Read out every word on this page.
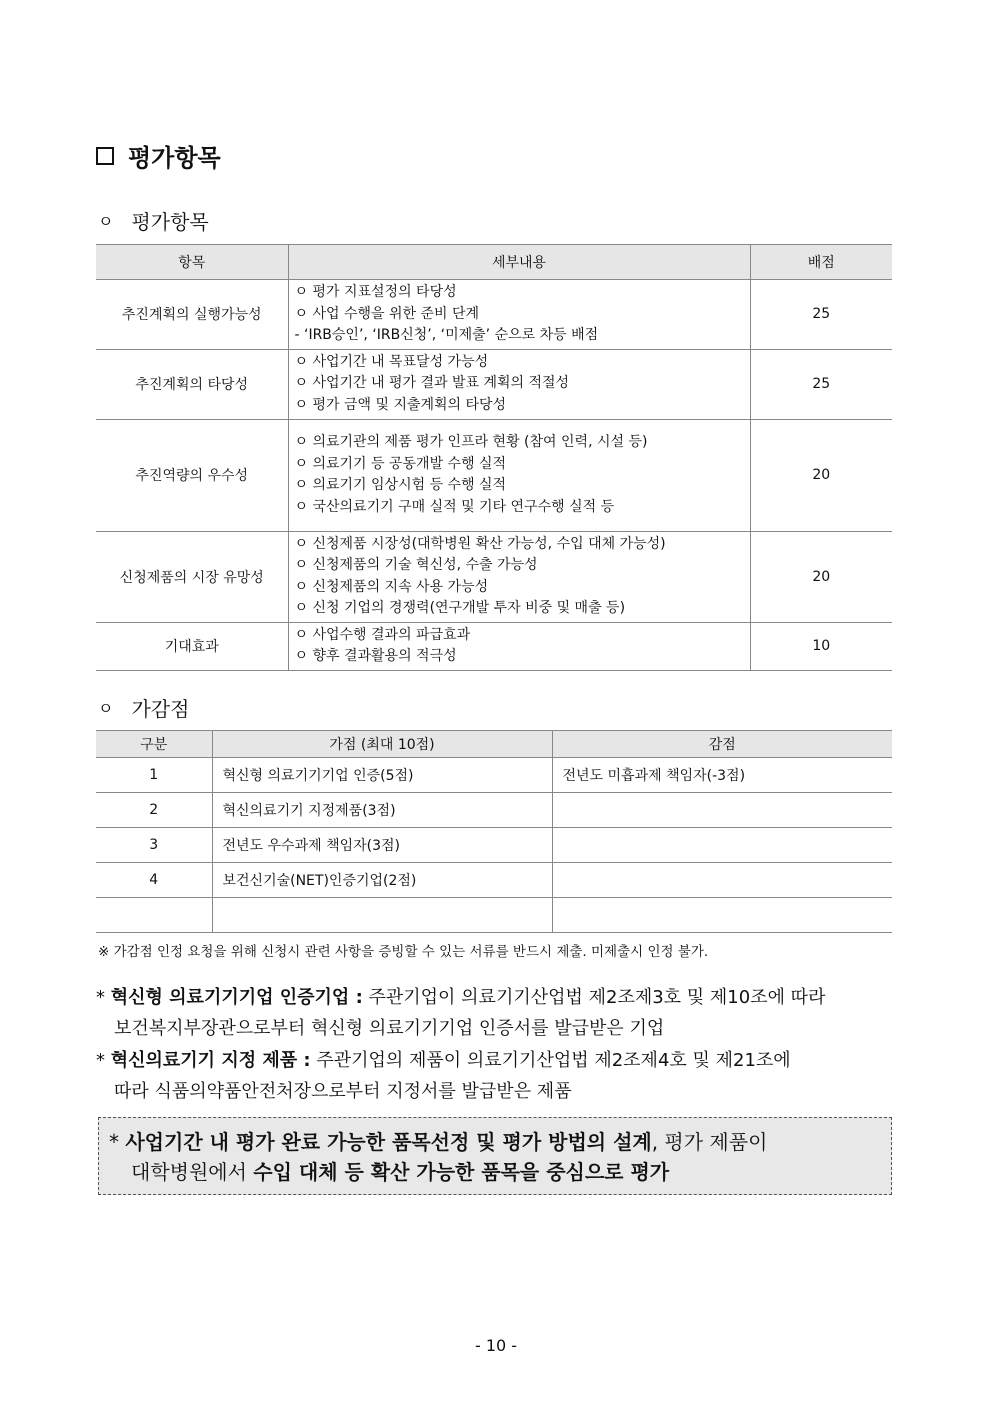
평가항목
ㅇ 평가항목
항목	세부내용	배점
추진계획의 실행가능성	ㅇ 평가 지표설정의 타당성
ㅇ 사업 수행을 위한 준비 단계
- ‘IRB승인’, ‘IRB신청’, ‘미제출’ 순으로 차등 배점	25
추진계획의 타당성	ㅇ 사업기간 내 목표달성 가능성
ㅇ 사업기간 내 평가 결과 발표 계획의 적절성
ㅇ 평가 금액 및 지출계획의 타당성	25
추진역량의 우수성	ㅇ 의료기관의 제품 평가 인프라 현황 (참여 인력, 시설 등)
ㅇ 의료기기 등 공동개발 수행 실적
ㅇ 의료기기 임상시험 등 수행 실적
ㅇ 국산의료기기 구매 실적 및 기타 연구수행 실적 등	20
신청제품의 시장 유망성	ㅇ 신청제품 시장성(대학병원 확산 가능성, 수입 대체 가능성)
ㅇ 신청제품의 기술 혁신성, 수출 가능성
ㅇ 신청제품의 지속 사용 가능성
ㅇ 신청 기업의 경쟁력(연구개발 투자 비중 및 매출 등)	20
기대효과	ㅇ 사업수행 결과의 파급효과
ㅇ 향후 결과활용의 적극성	10
ㅇ 가감점
구분	가점 (최대 10점)	감점
1	혁신형 의료기기기업 인증(5점)	전년도 미흡과제 책임자(-3점)
2	혁신의료기기 지정제품(3점)	
3	전년도 우수과제 책임자(3점)	
4	보건신기술(NET)인증기업(2점)	

※ 가감점 인정 요청을 위해 신청시 관련 사항을 증빙할 수 있는 서류를 반드시 제출. 미제출시 인정 불가.
* 혁신형 의료기기기업 인증기업 : 주관기업이 의료기기산업법 제2조제3호 및 제10조에 따라
보건복지부장관으로부터 혁신형 의료기기기업 인증서를 발급받은 기업
* 혁신의료기기 지정 제품 : 주관기업의 제품이 의료기기산업법 제2조제4호 및 제21조에
따라 식품의약품안전처장으로부터 지정서를 발급받은 제품
* 사업기간 내 평가 완료 가능한 품목선정 및 평가 방법의 설계, 평가 제품이
대학병원에서 수입 대체 등 확산 가능한 품목을 중심으로 평가
- 10 -
